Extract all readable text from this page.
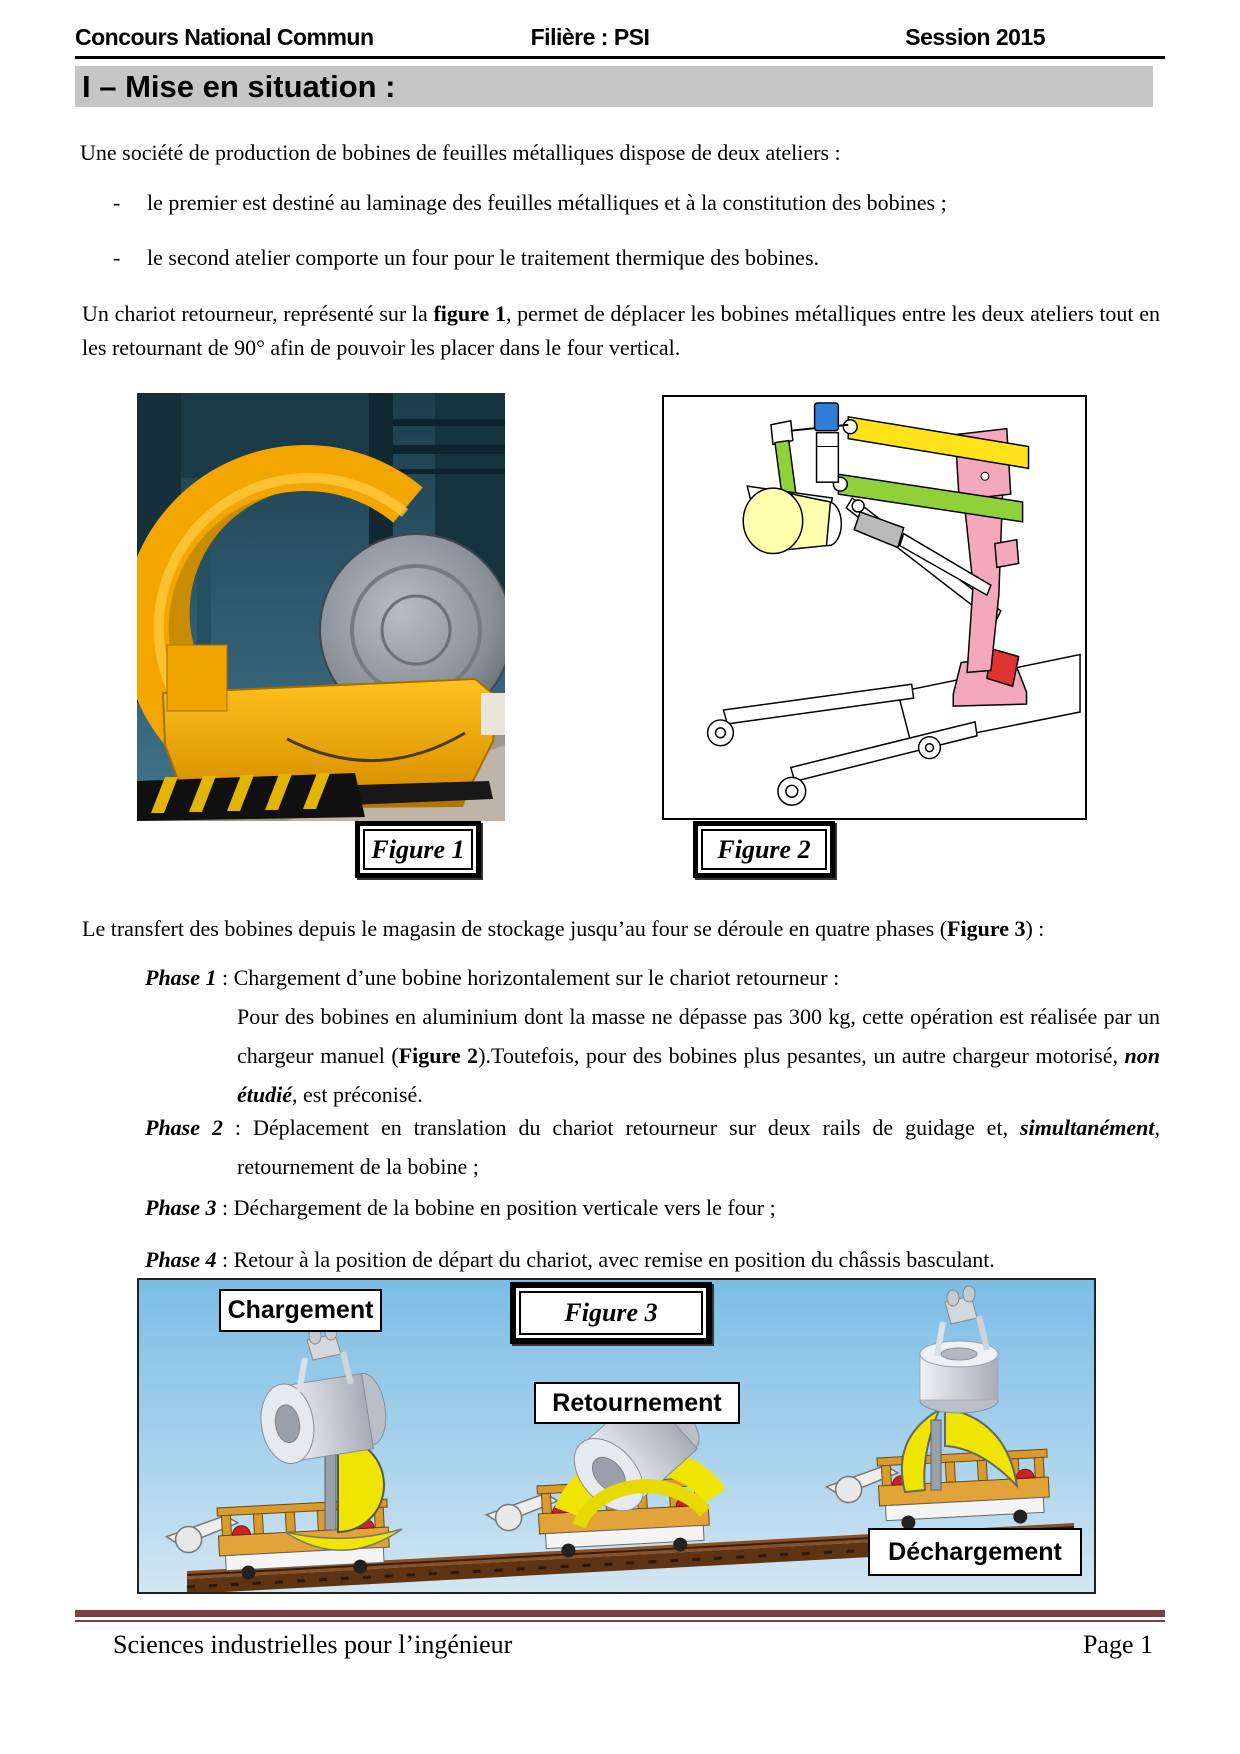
Concours National Commun	Filière : PSI	Session 2015
I – Mise en situation :
Une société de production de bobines de feuilles métalliques dispose de deux ateliers :
-	le premier est destiné au laminage des feuilles métalliques et à la constitution des bobines ;
-	le second atelier comporte un four pour le traitement thermique des bobines.
Un chariot retourneur, représenté sur la figure 1, permet de déplacer les bobines métalliques entre les deux ateliers tout en les retournant de 90° afin de pouvoir les placer dans le four vertical.
Figure 1	Figure 2
Le transfert des bobines depuis le magasin de stockage jusqu’au four se déroule en quatre phases (Figure 3) :
Phase 1 : Chargement d’une bobine horizontalement sur le chariot retourneur :
Pour des bobines en aluminium dont la masse ne dépasse pas 300 kg, cette opération est réalisée par un chargeur manuel (Figure 2).Toutefois, pour des bobines plus pesantes, un autre chargeur motorisé, non étudié, est préconisé.
Phase 2 : Déplacement en translation du chariot retourneur sur deux rails de guidage et, simultanément, retournement de la bobine ;
Phase 3 : Déchargement de la bobine en position verticale vers le four ;
Phase 4 : Retour à la position de départ du chariot, avec remise en position du châssis basculant.
Chargement
Retournement
Déchargement
Figure 3
Sciences industrielles pour l’ingénieur	Page 1
